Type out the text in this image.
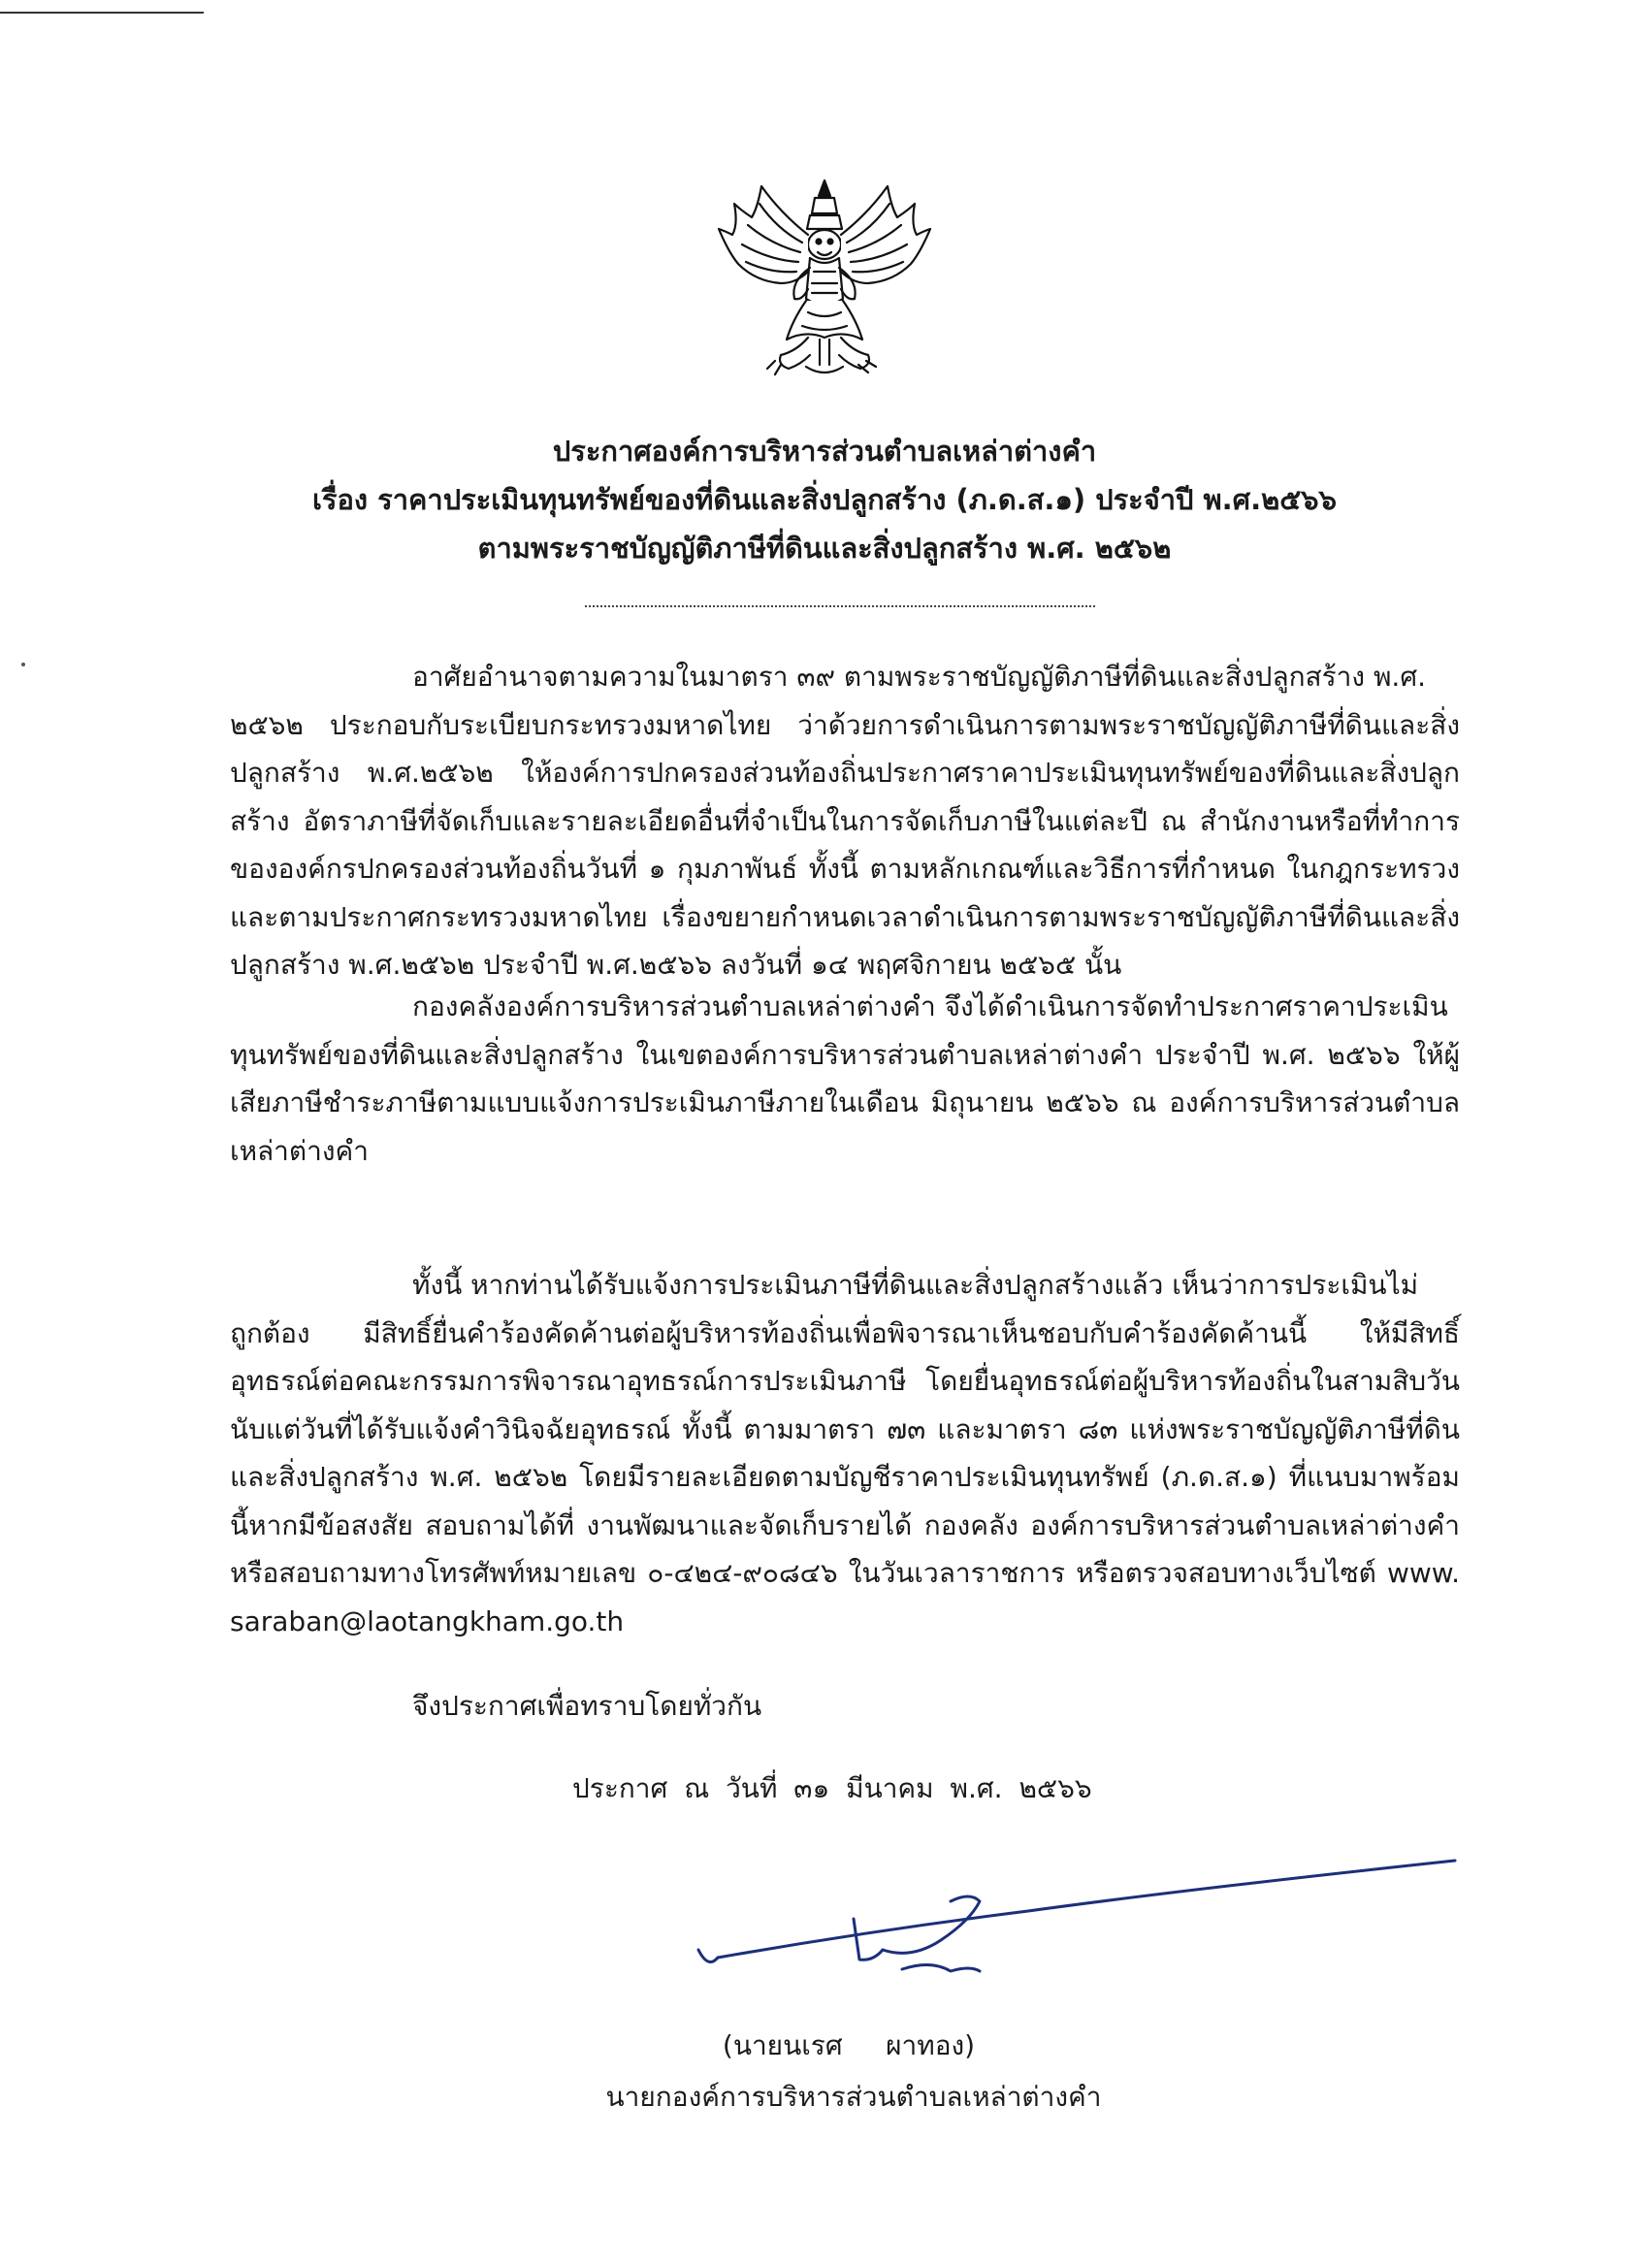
ประกาศองค์การบริหารส่วนตำบลเหล่าต่างคำ
เรื่อง ราคาประเมินทุนทรัพย์ของที่ดินและสิ่งปลูกสร้าง (ภ.ด.ส.๑) ประจำปี พ.ศ.๒๕๖๖
ตามพระราชบัญญัติภาษีที่ดินและสิ่งปลูกสร้าง พ.ศ. ๒๕๖๒
อาศัยอำนาจตามความในมาตรา ๓๙ ตามพระราชบัญญัติภาษีที่ดินและสิ่งปลูกสร้าง พ.ศ.
๒๕๖๒ ประกอบกับระเบียบกระทรวงมหาดไทย ว่าด้วยการดำเนินการตามพระราชบัญญัติภาษีที่ดินและสิ่งปลูกสร้าง พ.ศ.๒๕๖๒ ให้องค์การปกครองส่วนท้องถิ่นประกาศราคาประเมินทุนทรัพย์ของที่ดินและสิ่งปลูกสร้าง อัตราภาษีที่จัดเก็บและรายละเอียดอื่นที่จำเป็นในการจัดเก็บภาษีในแต่ละปี ณ สำนักงานหรือที่ทำการขององค์กรปกครองส่วนท้องถิ่นวันที่ ๑ กุมภาพันธ์ ทั้งนี้ ตามหลักเกณฑ์และวิธีการที่กำหนด ในกฎกระทรวงและตามประกาศกระทรวงมหาดไทย เรื่องขยายกำหนดเวลาดำเนินการตามพระราชบัญญัติภาษีที่ดินและสิ่งปลูกสร้าง พ.ศ.๒๕๖๒ ประจำปี พ.ศ.๒๕๖๖ ลงวันที่ ๑๔ พฤศจิกายน ๒๕๖๕ นั้น
กองคลังองค์การบริหารส่วนตำบลเหล่าต่างคำ จึงได้ดำเนินการจัดทำประกาศราคาประเมิน
ทุนทรัพย์ของที่ดินและสิ่งปลูกสร้าง ในเขตองค์การบริหารส่วนตำบลเหล่าต่างคำ ประจำปี พ.ศ. ๒๕๖๖ ให้ผู้เสียภาษีชำระภาษีตามแบบแจ้งการประเมินภาษีภายในเดือน มิถุนายน ๒๕๖๖ ณ องค์การบริหารส่วนตำบลเหล่าต่างคำ
ทั้งนี้ หากท่านได้รับแจ้งการประเมินภาษีที่ดินและสิ่งปลูกสร้างแล้ว เห็นว่าการประเมินไม่
ถูกต้อง มีสิทธิ์ยื่นคำร้องคัดค้านต่อผู้บริหารท้องถิ่นเพื่อพิจารณาเห็นชอบกับคำร้องคัดค้านนี้ ให้มีสิทธิ์อุทธรณ์ต่อคณะกรรมการพิจารณาอุทธรณ์การประเมินภาษี โดยยื่นอุทธรณ์ต่อผู้บริหารท้องถิ่นในสามสิบวันนับแต่วันที่ได้รับแจ้งคำวินิจฉัยอุทธรณ์ ทั้งนี้ ตามมาตรา ๗๓ และมาตรา ๘๓ แห่งพระราชบัญญัติภาษีที่ดินและสิ่งปลูกสร้าง พ.ศ. ๒๕๖๒ โดยมีรายละเอียดตามบัญชีราคาประเมินทุนทรัพย์ (ภ.ด.ส.๑) ที่แนบมาพร้อมนี้หากมีข้อสงสัย สอบถามได้ที่ งานพัฒนาและจัดเก็บรายได้ กองคลัง องค์การบริหารส่วนตำบลเหล่าต่างคำ หรือสอบถามทางโทรศัพท์หมายเลข ๐-๔๒๔-๙๐๘๔๖ ในวันเวลาราชการ หรือตรวจสอบทางเว็บไซต์ www. saraban@laotangkham.go.th
จึงประกาศเพื่อทราบโดยทั่วกัน
ประกาศ ณ วันที่ ๓๑ มีนาคม พ.ศ. ๒๕๖๖
(นายนเรศ     ผาทอง)
นายกองค์การบริหารส่วนตำบลเหล่าต่างคำ
